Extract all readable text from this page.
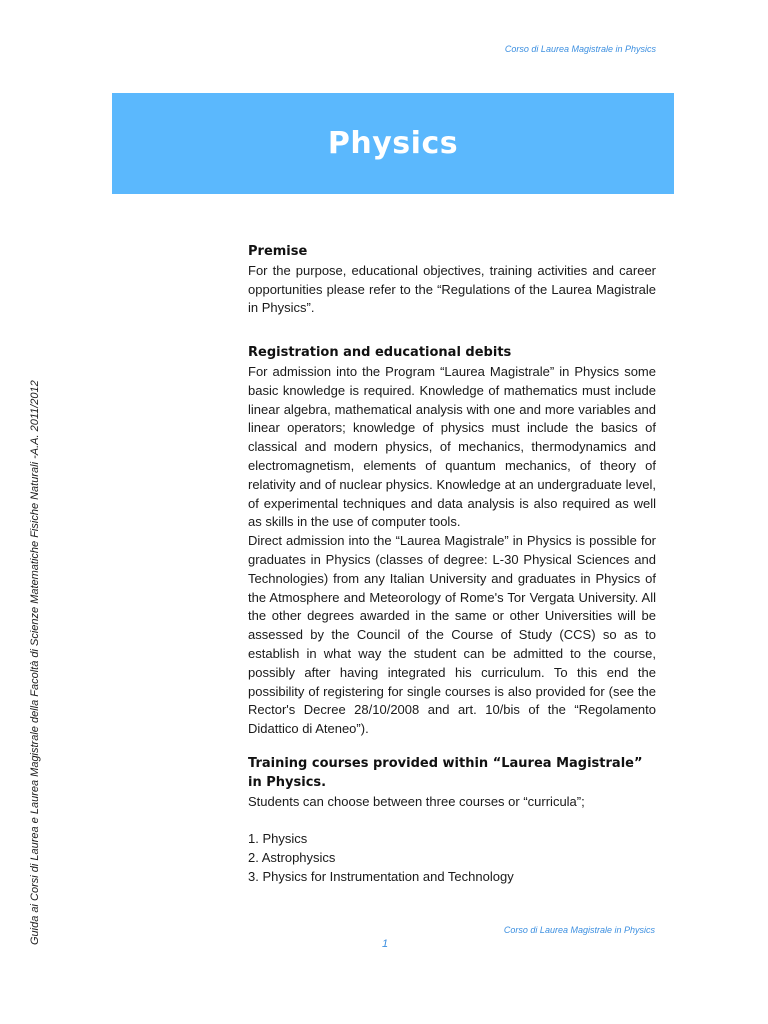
Corso di Laurea Magistrale in Physics
Physics
Guida ai Corsi di Laurea e Laurea Magistrale della Facoltà di Scienze Matematiche Fisiche Naturali -A.A. 2011/2012
Premise

For the purpose, educational objectives, training activities and career opportunities please refer to the “Regulations of the Laurea Magistrale in Physics”.

Registration and educational debits

For admission into the Program “Laurea Magistrale” in Physics some basic knowledge is required. Knowledge of mathematics must include linear algebra, mathematical analysis with one and more variables and linear operators; knowledge of physics must include the basics of classical and modern physics, of mechanics, thermodynamics and electromagnetism, elements of quantum mechanics, of theory of relativity and of nuclear physics. Knowledge at an undergraduate level, of experimental techniques and data analysis is also required as well as skills in the use of computer tools.

Direct admission into the “Laurea Magistrale” in Physics is possible for graduates in Physics (classes of degree: L-30 Physical Sciences and Technologies) from any Italian University and graduates in Physics of the Atmosphere and Meteorology of Rome's Tor Vergata University. All the other degrees awarded in the same or other Universities will be assessed by the Council of the Course of Study (CCS) so as to establish in what way the student can be admitted to the course, possibly after having integrated his curriculum. To this end the possibility of registering for single courses is also provided for (see the Rector's Decree 28/10/2008 and art. 10/bis of the “Regolamento Didattico di Ateneo”).

Training courses provided within “Laurea Magistrale” in Physics.

Students can choose between three courses or “curricula”;

1. Physics
2. Astrophysics
3. Physics for Instrumentation and Technology
Corso di Laurea Magistrale in Physics
1
